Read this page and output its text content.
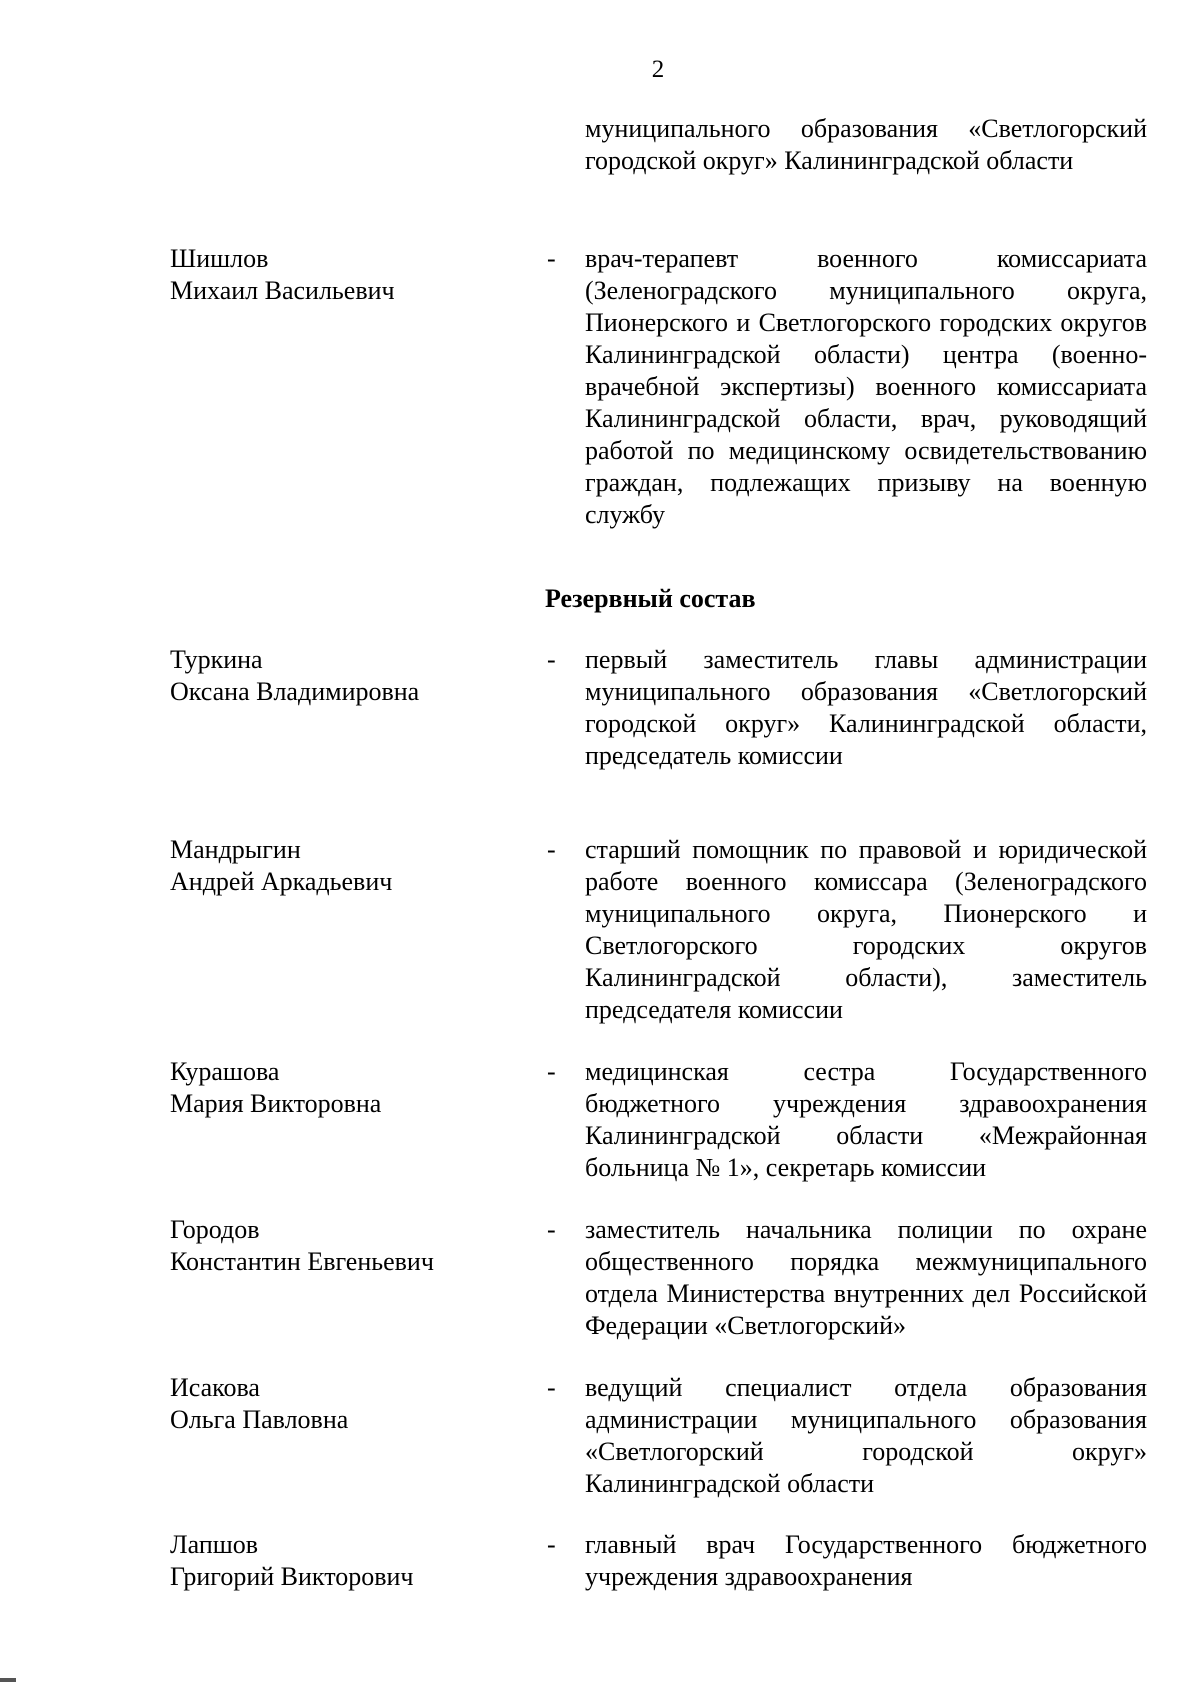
2
муниципального образования «Светлогорский городской округ» Калининградской области
Шишлов
Михаил Васильевич
- врач-терапевт военного комиссариата (Зеленоградского муниципального округа, Пионерского и Светлогорского городских округов Калининградской области) центра (военно-врачебной экспертизы) военного комиссариата Калининградской области, врач, руководящий работой по медицинскому освидетельствованию граждан, подлежащих призыву на военную службу
Резервный состав
Туркина
Оксана Владимировна
- первый заместитель главы администрации муниципального образования «Светлогорский городской округ» Калининградской области, председатель комиссии
Мандрыгин
Андрей Аркадьевич
- старший помощник по правовой и юридической работе военного комиссара (Зеленоградского муниципального округа, Пионерского и Светлогорского городских округов Калининградской области), заместитель председателя комиссии
Курашова
Мария Викторовна
- медицинская сестра Государственного бюджетного учреждения здравоохранения Калининградской области «Межрайонная больница № 1», секретарь комиссии
Городов
Константин Евгеньевич
- заместитель начальника полиции по охране общественного порядка межмуниципального отдела Министерства внутренних дел Российской Федерации «Светлогорский»
Исакова
Ольга Павловна
- ведущий специалист отдела образования администрации муниципального образования «Светлогорский городской округ» Калининградской области
Лапшов
Григорий Викторович
- главный врач Государственного бюджетного учреждения здравоохранения
